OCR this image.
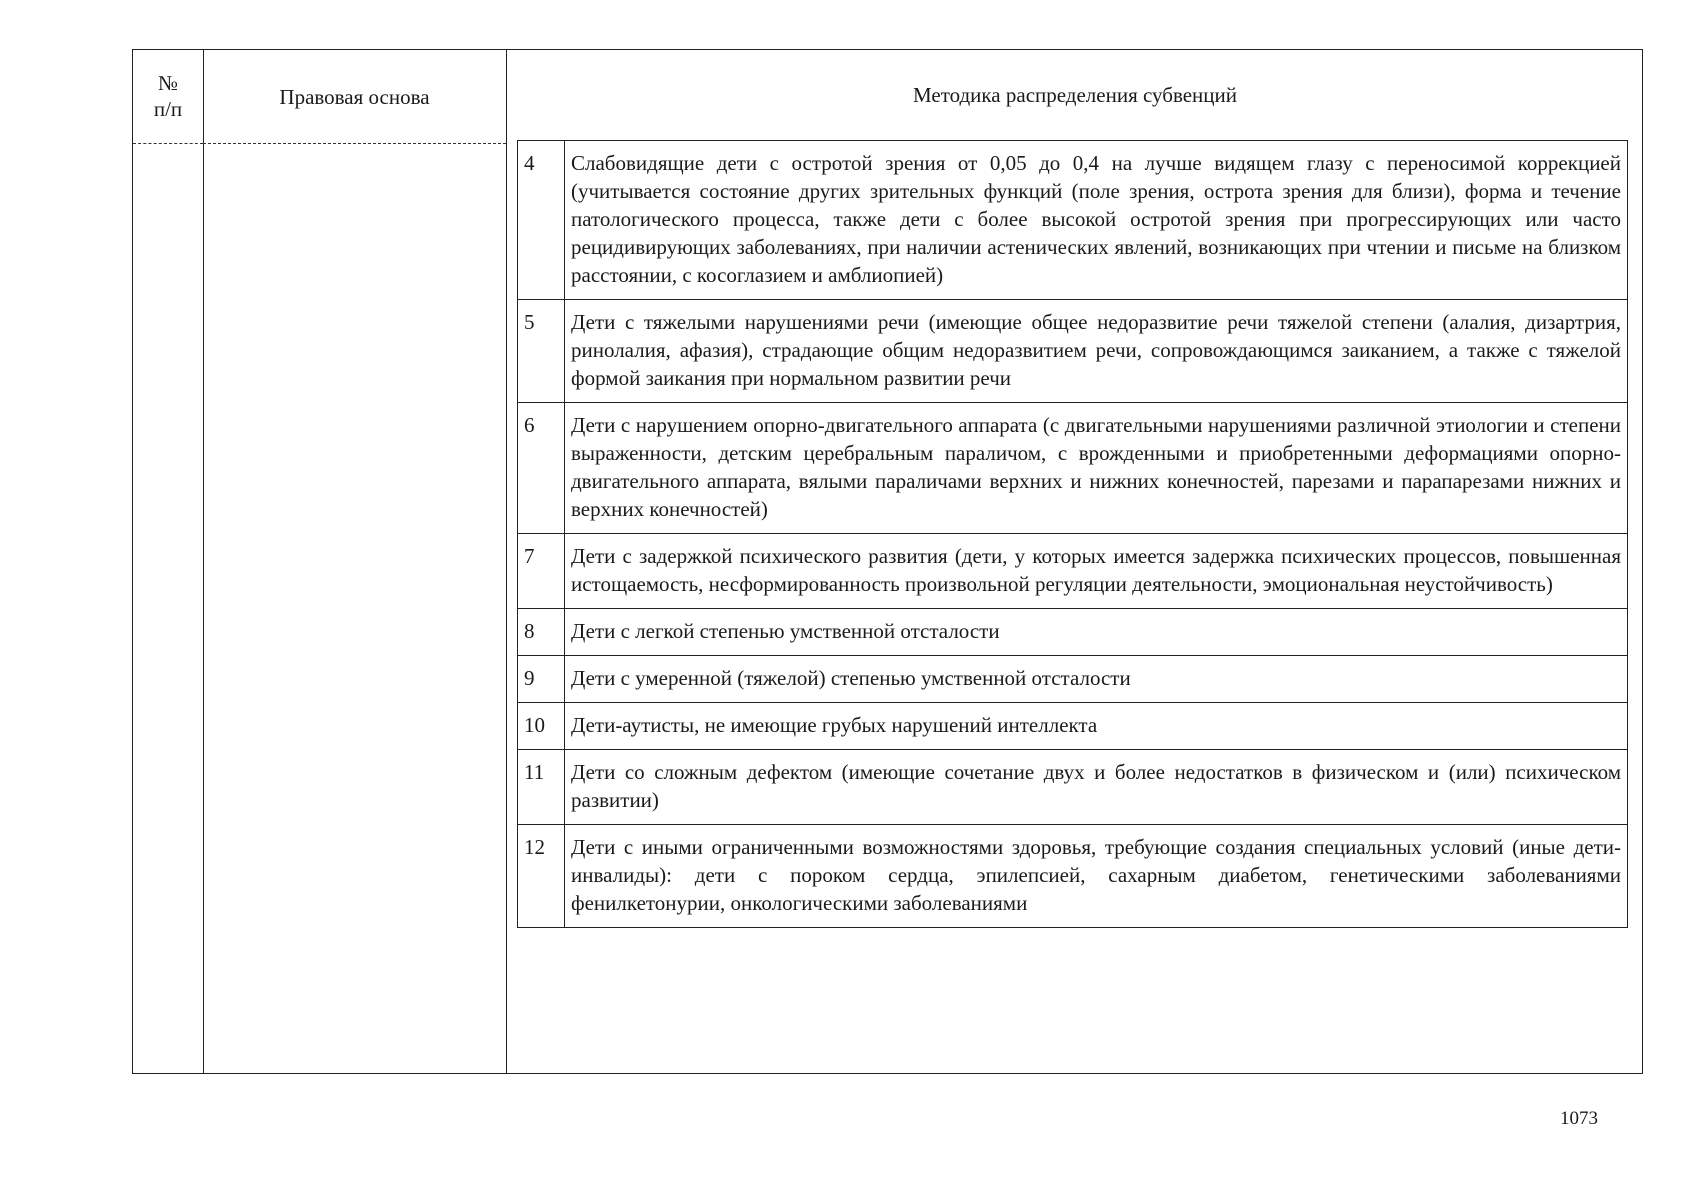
№
п/п	Правовая основа	Методика распределения субвенций
4	Слабовидящие дети с остротой зрения от 0,05 до 0,4 на лучше видящем глазу с переносимой коррекцией (учитывается состояние других зрительных функций (поле зрения, острота зрения для близи), форма и течение патологического процесса, также дети с более высокой остротой зрения при прогрессирующих или часто рецидивирующих заболеваниях, при наличии астенических явлений, возникающих при чтении и письме на близком расстоянии, с косоглазием и амблиопией)
5	Дети с тяжелыми нарушениями речи (имеющие общее недоразвитие речи тяжелой степени (алалия, дизартрия, ринолалия, афазия), страдающие общим недоразвитием речи, сопровождающимся заиканием, а также с тяжелой формой заикания при нормальном развитии речи
6	Дети с нарушением опорно-двигательного аппарата (с двигательными нарушениями различной этиологии и степени выраженности, детским церебральным параличом, с врожденными и приобретенными деформациями опорно-двигательного аппарата, вялыми параличами верхних и нижних конечностей, парезами и парапарезами нижних и верхних конечностей)
7	Дети с задержкой психического развития (дети, у которых имеется задержка психических процессов, повышенная истощаемость, несформированность произвольной регуляции деятельности, эмоциональная неустойчивость)
8	Дети с легкой степенью умственной отсталости
9	Дети с умеренной (тяжелой) степенью умственной отсталости
10	Дети-аутисты, не имеющие грубых нарушений интеллекта
11	Дети со сложным дефектом (имеющие сочетание двух и более недостатков в физическом и (или) психическом развитии)
12	Дети с иными ограниченными возможностями здоровья, требующие создания специальных условий (иные дети-инвалиды): дети с пороком сердца, эпилепсией, сахарным диабетом, генетическими заболеваниями фенилкетонурии, онкологическими заболеваниями
1073
